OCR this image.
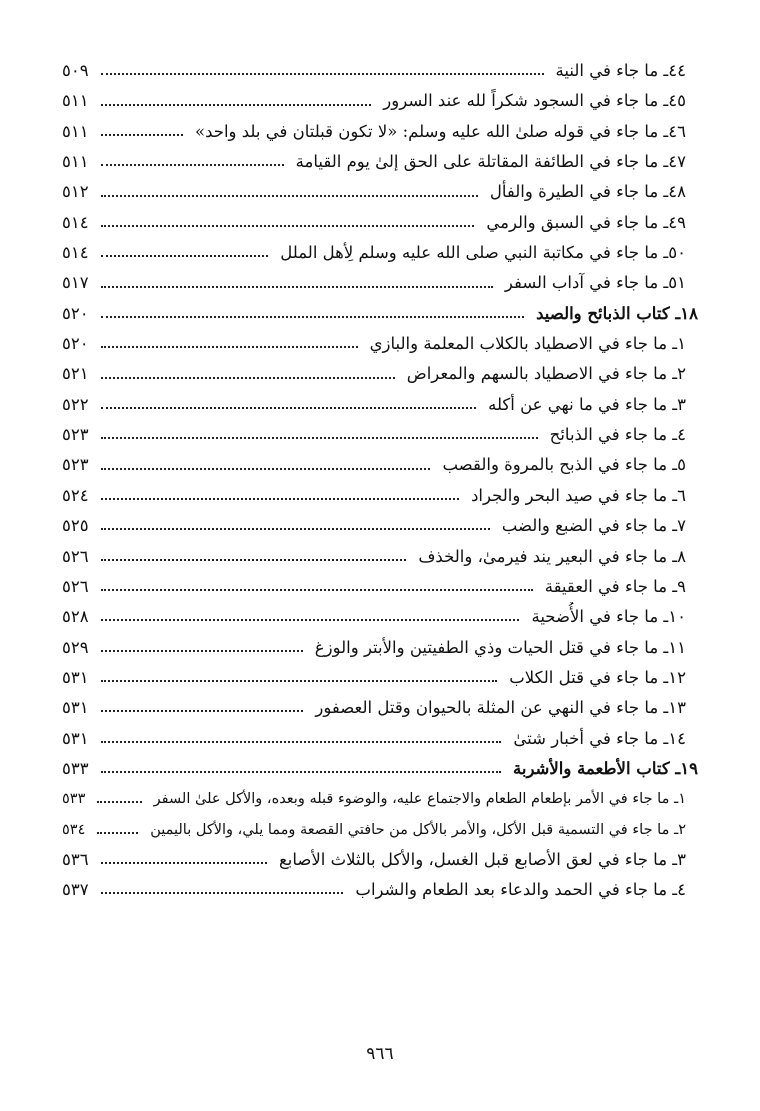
٤٤ـ ما جاء في النية
٥٠٩
٤٥ـ ما جاء في السجود شكراً لله عند السرور
٥١١
٤٦ـ ما جاء في قوله صلىٰ الله عليه وسلم: «لا تكون قبلتان في بلد واحد»
٥١١
٤٧ـ ما جاء في الطائفة المقاتلة على الحق إلىٰ يوم القيامة
٥١١
٤٨ـ ما جاء في الطيرة والفأل
٥١٢
٤٩ـ ما جاء في السبق والرمي
٥١٤
٥٠ـ ما جاء في مكاتبة النبي صلى الله عليه وسلم لِأهل الملل
٥١٤
٥١ـ ما جاء في آداب السفر
٥١٧
١٨ـ كتاب الذبائح والصيد
٥٢٠
١ـ ما جاء في الاصطياد بالكلاب المعلمة والبازي
٥٢٠
٢ـ ما جاء في الاصطياد بالسهم والمعراض
٥٢١
٣ـ ما جاء في ما نهي عن أكله
٥٢٢
٤ـ ما جاء في الذبائح
٥٢٣
٥ـ ما جاء في الذبح بالمروة والقصب
٥٢٣
٦ـ ما جاء في صيد البحر والجراد
٥٢٤
٧ـ ما جاء في الضبع والضب
٥٢٥
٨ـ ما جاء في البعير يند فيرمىٰ، والخذف
٥٢٦
٩ـ ما جاء في العقيقة
٥٢٦
١٠ـ ما جاء في الأُضحية
٥٢٨
١١ـ ما جاء في قتل الحيات وذي الطفيتين والأبتر والوزغ
٥٢٩
١٢ـ ما جاء في قتل الكلاب
٥٣١
١٣ـ ما جاء في النهي عن المثلة بالحيوان وقتل العصفور
٥٣١
١٤ـ ما جاء في أخبار شتىٰ
٥٣١
١٩ـ كتاب الأطعمة والأشربة
٥٣٣
١ـ ما جاء في الأمر بإطعام الطعام والاجتماع عليه، والوضوء قبله وبعده، والأكل علىٰ السفر
٥٣٣
٢ـ ما جاء في التسمية قبل الأكل، والأمر بالأكل من حافتي القصعة ومما يلي، والأكل باليمين
٥٣٤
٣ـ ما جاء في لعق الأصابع قبل الغسل، والأكل بالثلاث الأصابع
٥٣٦
٤ـ ما جاء في الحمد والدعاء بعد الطعام والشراب
٥٣٧
٩٦٦
